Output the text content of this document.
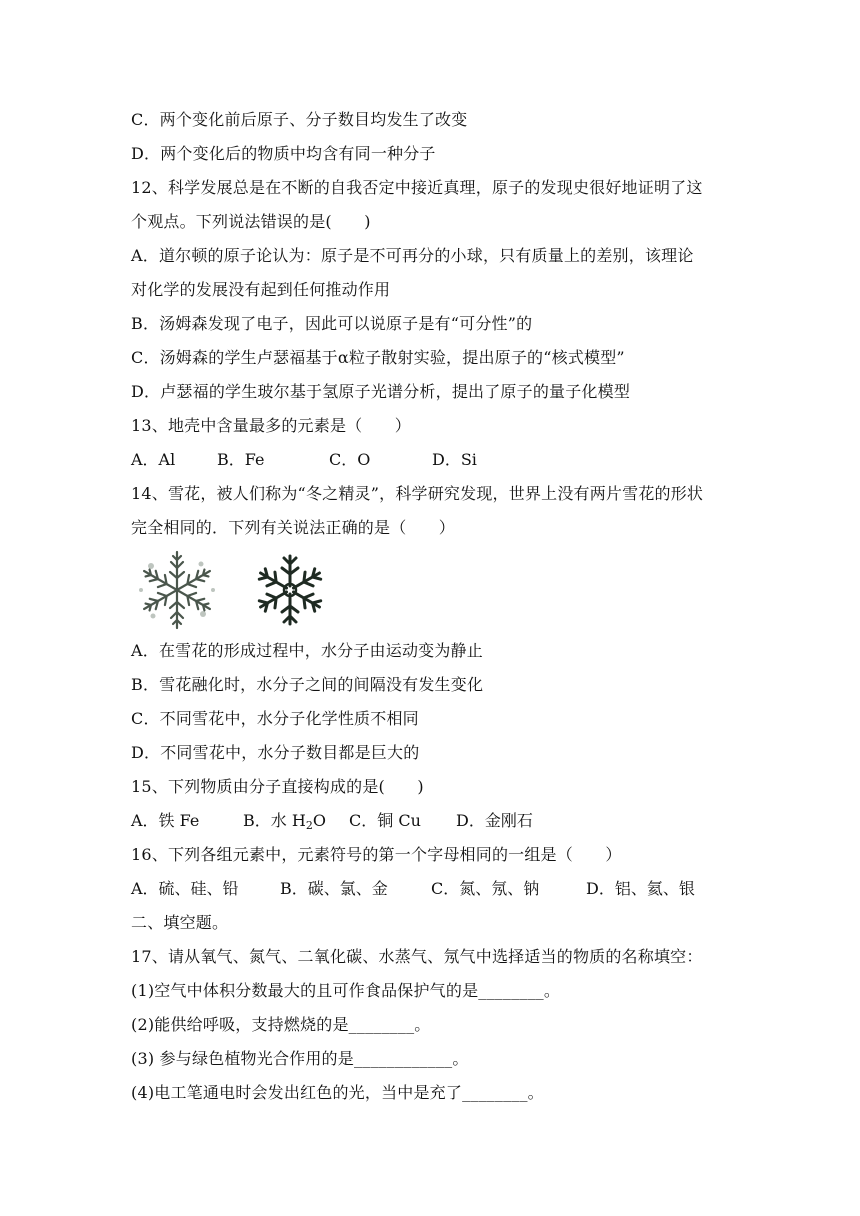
C．两个变化前后原子、分子数目均发生了改变
D．两个变化后的物质中均含有同一种分子
12、科学发展总是在不断的自我否定中接近真理，原子的发现史很好地证明了这
个观点。下列说法错误的是(　　)
A．道尔顿的原子论认为：原子是不可再分的小球，只有质量上的差别，该理论
对化学的发展没有起到任何推动作用
B．汤姆森发现了电子，因此可以说原子是有“可分性”的
C．汤姆森的学生卢瑟福基于α粒子散射实验，提出原子的“核式模型”
D．卢瑟福的学生玻尔基于氢原子光谱分析，提出了原子的量子化模型
13、地壳中含量最多的元素是（　　）
A．Al	B．Fe	C．O	D．Si
14、雪花，被人们称为“冬之精灵”，科学研究发现，世界上没有两片雪花的形状
完全相同的．下列有关说法正确的是（　　）
A．在雪花的形成过程中，水分子由运动变为静止
B．雪花融化时，水分子之间的间隔没有发生变化
C．不同雪花中，水分子化学性质不相同
D．不同雪花中，水分子数目都是巨大的
15、下列物质由分子直接构成的是(　　)
A．铁 Fe	B．水 $H_2O$ C．铜 Cu D．金刚石
16、下列各组元素中，元素符号的第一个字母相同的一组是（　　）
A．硫、硅、铅	B．碳、氯、金	C．氮、氖、钠	D．铝、氦、银
二、填空题。
17、请从氧气、氮气、二氧化碳、水蒸气、氖气中选择适当的物质的名称填空：
(1)空气中体积分数最大的且可作食品保护气的是________。
(2)能供给呼吸，支持燃烧的是________。
(3) 参与绿色植物光合作用的是____________。
(4)电工笔通电时会发出红色的光，当中是充了________。
